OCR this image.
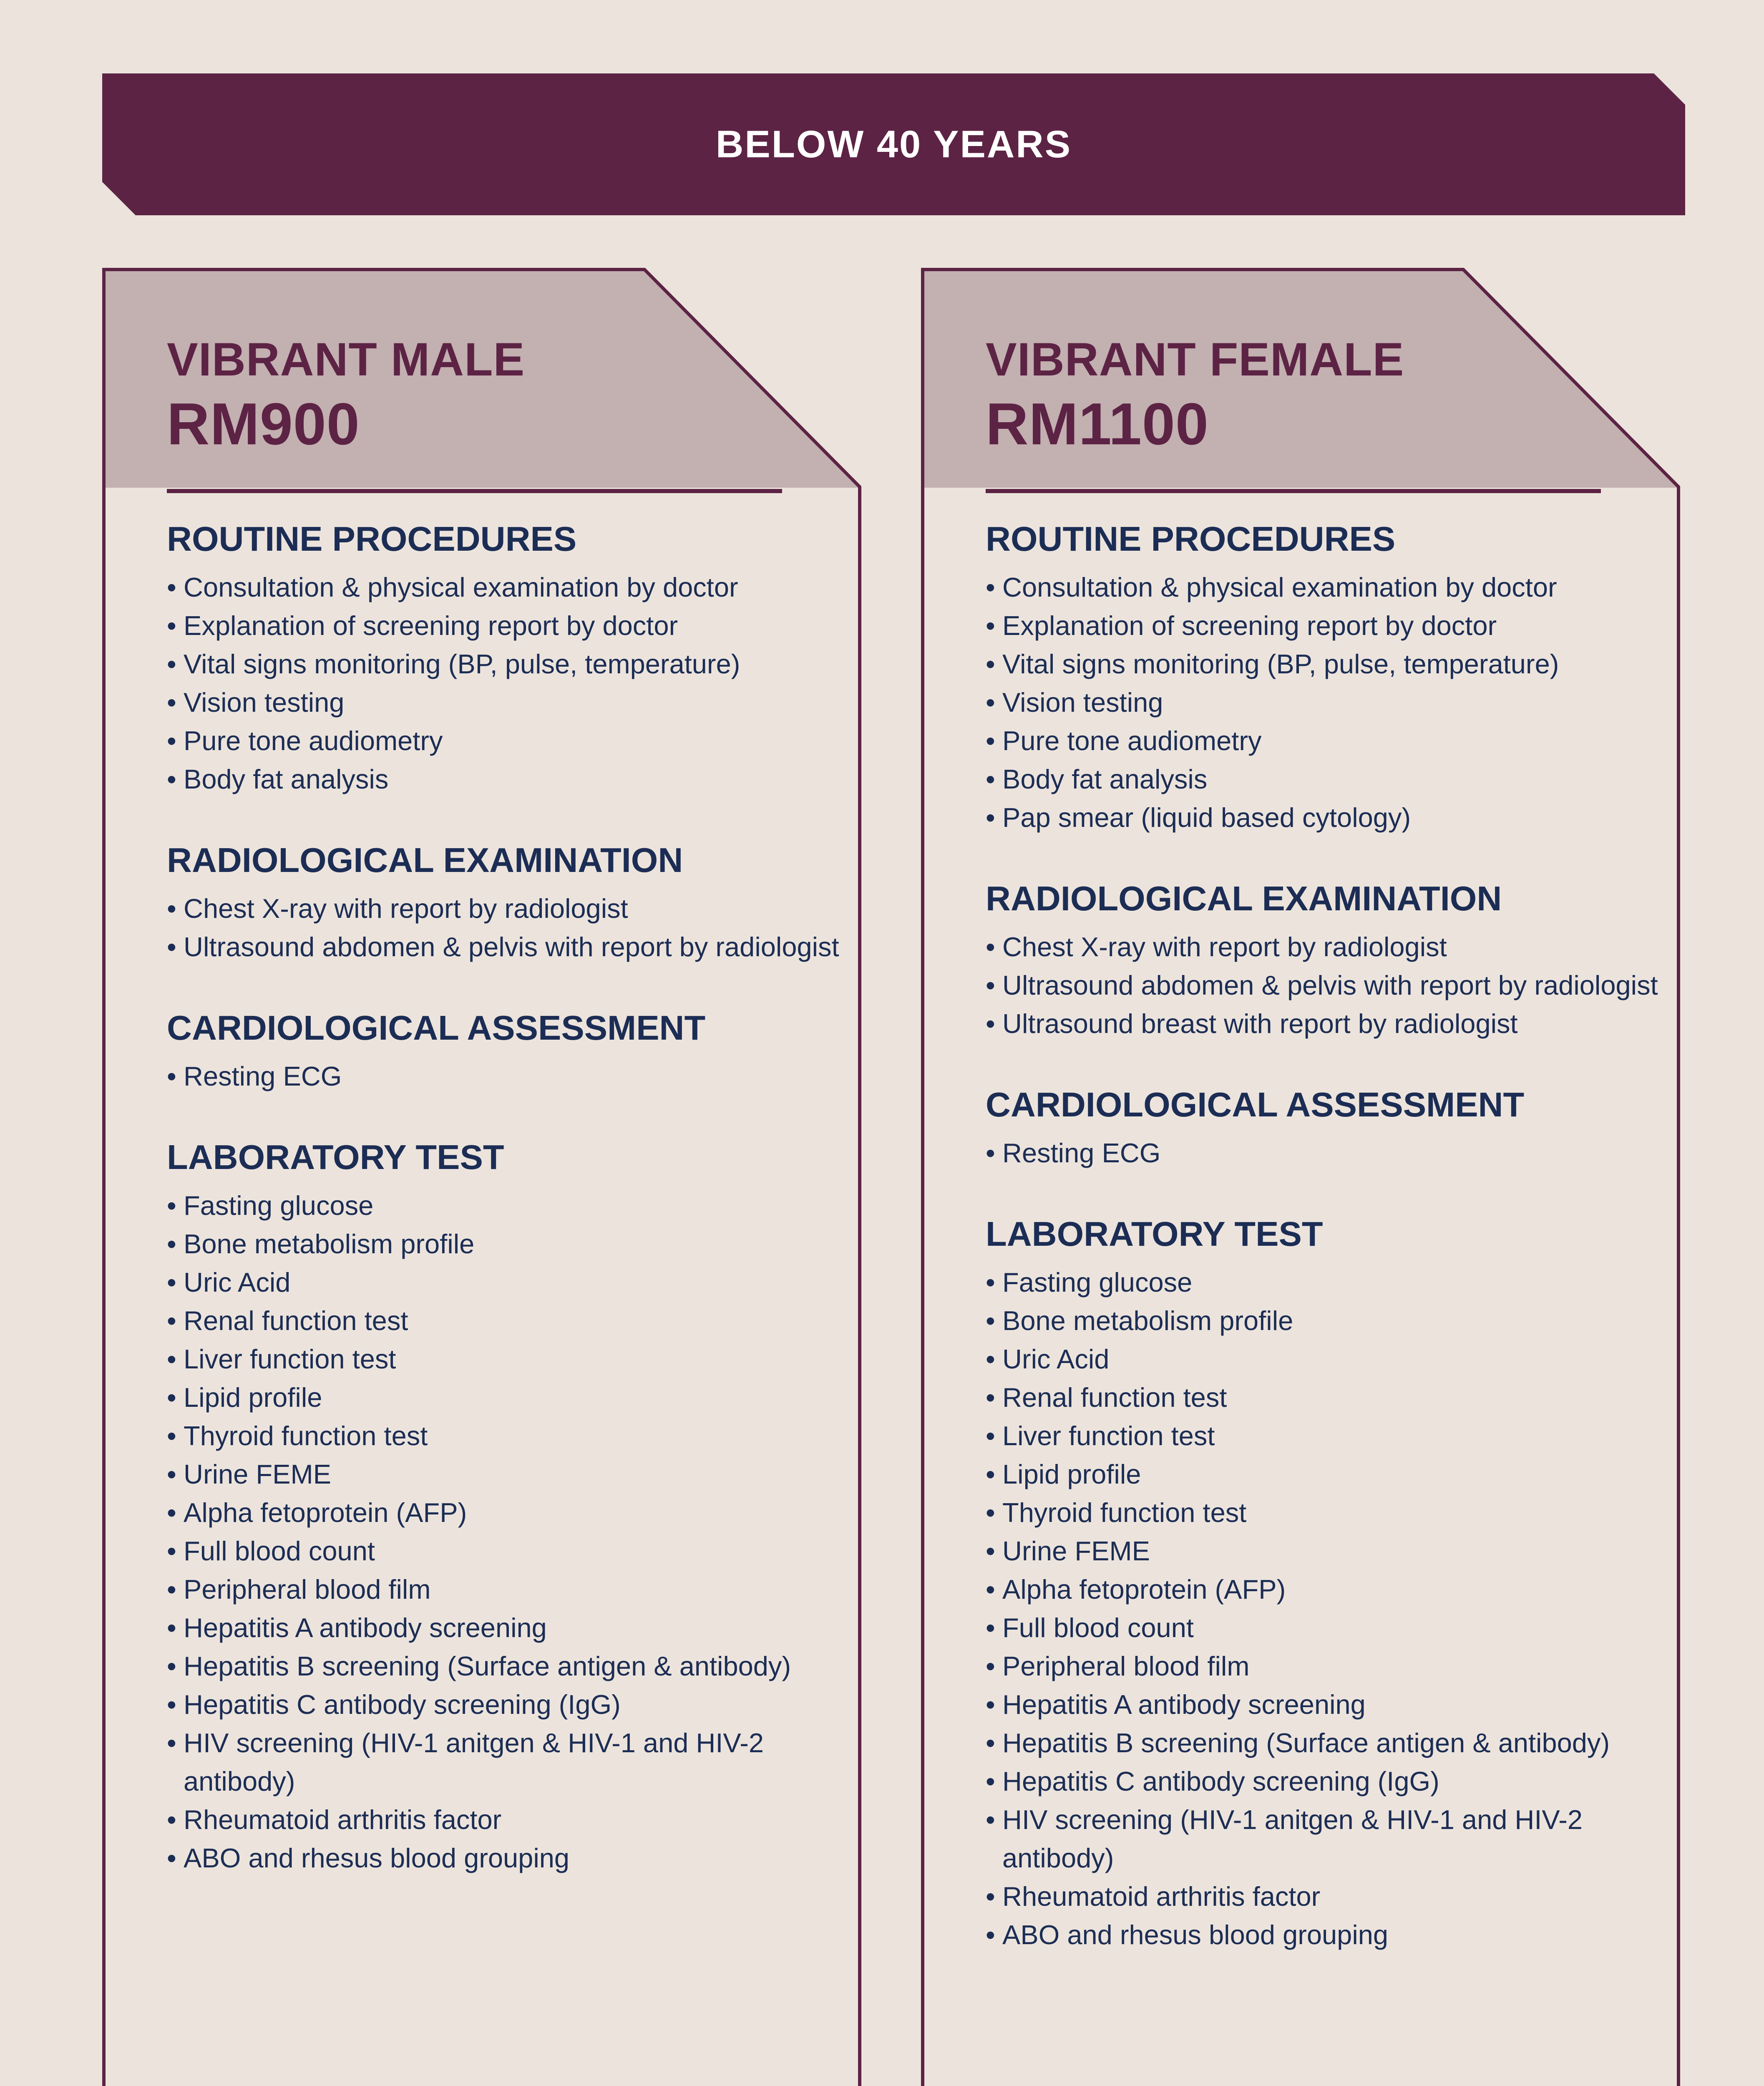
BELOW 40 YEARS
VIBRANT MALE
RM900
ROUTINE PROCEDURES
• Consultation & physical examination by doctor
• Explanation of screening report by doctor
• Vital signs monitoring (BP, pulse, temperature)
• Vision testing
• Pure tone audiometry
• Body fat analysis
RADIOLOGICAL EXAMINATION
• Chest X-ray with report by radiologist
• Ultrasound abdomen & pelvis with report by radiologist
CARDIOLOGICAL ASSESSMENT
• Resting ECG
LABORATORY TEST
• Fasting glucose
• Bone metabolism profile
• Uric Acid
• Renal function test
• Liver function test
• Lipid profile
• Thyroid function test
• Urine FEME
• Alpha fetoprotein (AFP)
• Full blood count
• Peripheral blood film
• Hepatitis A antibody screening
• Hepatitis B screening (Surface antigen & antibody)
• Hepatitis C antibody screening (IgG)
• HIV screening (HIV-1 anitgen & HIV-1 and HIV-2 antibody)
• Rheumatoid arthritis factor
• ABO and rhesus blood grouping
VIBRANT FEMALE
RM1100
ROUTINE PROCEDURES
• Consultation & physical examination by doctor
• Explanation of screening report by doctor
• Vital signs monitoring (BP, pulse, temperature)
• Vision testing
• Pure tone audiometry
• Body fat analysis
• Pap smear (liquid based cytology)
RADIOLOGICAL EXAMINATION
• Chest X-ray with report by radiologist
• Ultrasound abdomen & pelvis with report by radiologist
• Ultrasound breast with report by radiologist
CARDIOLOGICAL ASSESSMENT
• Resting ECG
LABORATORY TEST
• Fasting glucose
• Bone metabolism profile
• Uric Acid
• Renal function test
• Liver function test
• Lipid profile
• Thyroid function test
• Urine FEME
• Alpha fetoprotein (AFP)
• Full blood count
• Peripheral blood film
• Hepatitis A antibody screening
• Hepatitis B screening (Surface antigen & antibody)
• Hepatitis C antibody screening (IgG)
• HIV screening (HIV-1 anitgen & HIV-1 and HIV-2 antibody)
• Rheumatoid arthritis factor
• ABO and rhesus blood grouping
